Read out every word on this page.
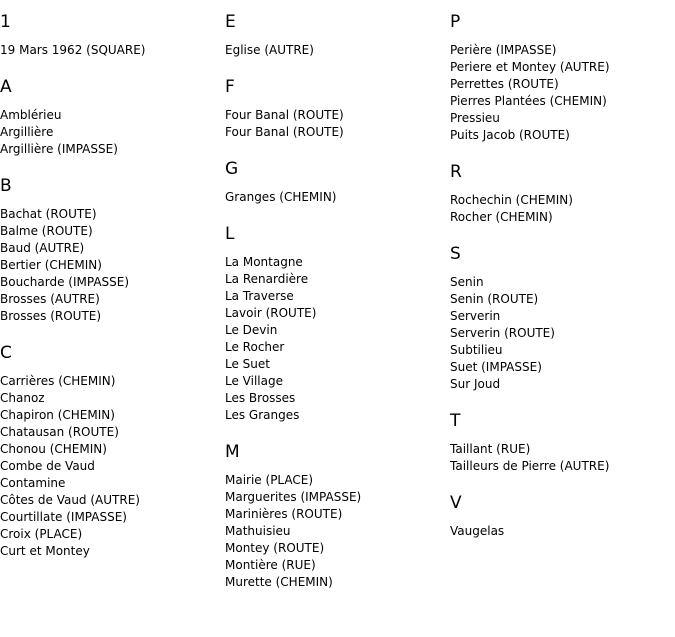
1
19 Mars 1962 (SQUARE)
A
Amblérieu
Argillière
Argillière (IMPASSE)
B
Bachat (ROUTE)
Balme (ROUTE)
Baud (AUTRE)
Bertier (CHEMIN)
Boucharde (IMPASSE)
Brosses (AUTRE)
Brosses (ROUTE)
C
Carrières (CHEMIN)
Chanoz
Chapiron (CHEMIN)
Chatausan (ROUTE)
Chonou (CHEMIN)
Combe de Vaud
Contamine
Côtes de Vaud (AUTRE)
Courtillate (IMPASSE)
Croix (PLACE)
Curt et Montey
E
Eglise (AUTRE)
F
Four Banal (ROUTE)
Four Banal (ROUTE)
G
Granges (CHEMIN)
L
La Montagne
La Renardière
La Traverse
Lavoir (ROUTE)
Le Devin
Le Rocher
Le Suet
Le Village
Les Brosses
Les Granges
M
Mairie (PLACE)
Marguerites (IMPASSE)
Marinières (ROUTE)
Mathuisieu
Montey (ROUTE)
Montière (RUE)
Murette (CHEMIN)
P
Perière (IMPASSE)
Periere et Montey (AUTRE)
Perrettes (ROUTE)
Pierres Plantées (CHEMIN)
Pressieu
Puits Jacob (ROUTE)
R
Rochechin (CHEMIN)
Rocher (CHEMIN)
S
Senin
Senin (ROUTE)
Serverin
Serverin (ROUTE)
Subtilieu
Suet (IMPASSE)
Sur Joud
T
Taillant (RUE)
Tailleurs de Pierre (AUTRE)
V
Vaugelas
